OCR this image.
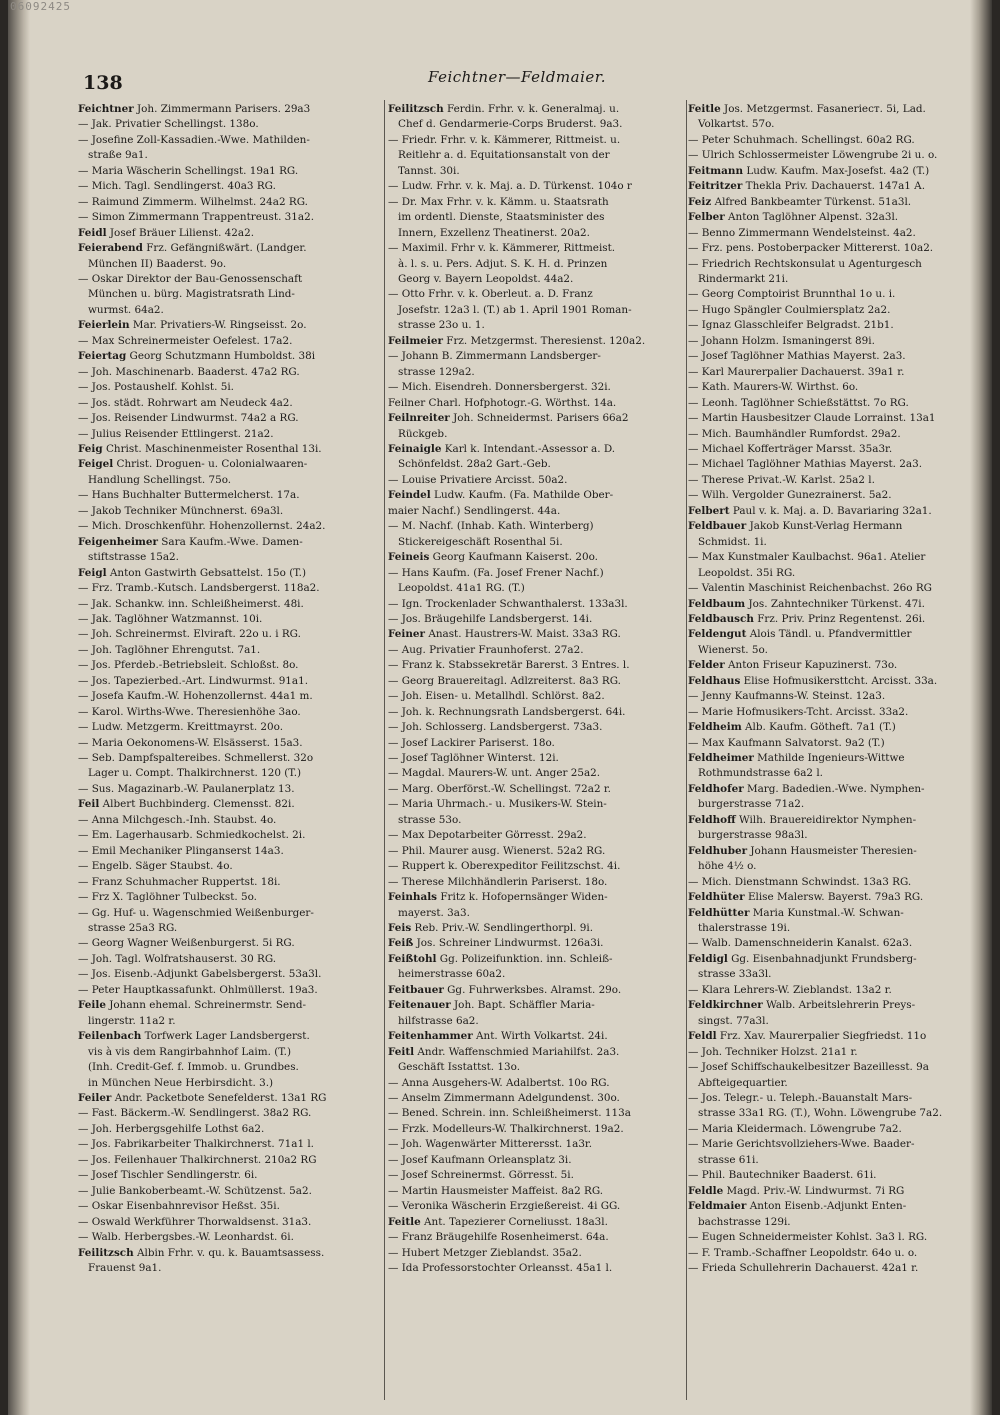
06092425
138	Feichtner—Feldmaier.
Feichtner Joh. Zimmermann Parisers. 29a3
— Jak. Privatier Schellingst. 138o.
— Josefine Zoll-Kassadien.-Wwe. Mathilden-
straße 9a1.
— Maria Wäscherin Schellingst. 19a1 RG.
— Mich. Tagl. Sendlingerst. 40a3 RG.
— Raimund Zimmerm. Wilhelmst. 24a2 RG.
— Simon Zimmermann Trappentreust. 31a2.
Feidl Josef Bräuer Lilienst. 42a2.
Feierabend Frz. Gefängnißwärt. (Landger.
München II) Baaderst. 9o.
— Oskar Direktor der Bau-Genossenschaft
München u. bürg. Magistratsrath Lind-
wurmst. 64a2.
Feierlein Mar. Privatiers-W. Ringseisst. 2o.
— Max Schreinermeister Oefelest. 17a2.
Feiertag Georg Schutzmann Humboldst. 38i
— Joh. Maschinenarb. Baaderst. 47a2 RG.
— Jos. Postaushelf. Kohlst. 5i.
— Jos. städt. Rohrwart am Neudeck 4a2.
— Jos. Reisender Lindwurmst. 74a2 a RG.
— Julius Reisender Ettlingerst. 21a2.
Feig Christ. Maschinenmeister Rosenthal 13i.
Feigel Christ. Droguen- u. Colonialwaaren-
Handlung Schellingst. 75o.
— Hans Buchhalter Buttermelcherst. 17a.
— Jakob Techniker Münchnerst. 69a3l.
— Mich. Droschkenführ. Hohenzollernst. 24a2.
Feigenheimer Sara Kaufm.-Wwe. Damen-
stiftstrasse 15a2.
Feigl Anton Gastwirth Gebsattelst. 15o (T.)
— Frz. Tramb.-Kutsch. Landsbergerst. 118a2.
— Jak. Schankw. inn. Schleißheimerst. 48i.
— Jak. Taglöhner Watzmannst. 10i.
— Joh. Schreinermst. Elviraft. 22o u. i RG.
— Joh. Taglöhner Ehrengutst. 7a1.
— Jos. Pferdeb.-Betriebsleit. Schloßst. 8o.
— Jos. Tapezierbed.-Art. Lindwurmst. 91a1.
— Josefa Kaufm.-W. Hohenzollernst. 44a1 m.
— Karol. Wirths-Wwe. Theresienhöhe 3ao.
— Ludw. Metzgerm. Kreittmayrst. 20o.
— Maria Oekonomens-W. Elsässerst. 15a3.
— Seb. Dampfspaltereibes. Schmellerst. 32o
Lager u. Compt. Thalkirchnerst. 120 (T.)
— Sus. Magazinarb.-W. Paulanerplatz 13.
Feil Albert Buchbinderg. Clemensst. 82i.
— Anna Milchgesch.-Inh. Staubst. 4o.
— Em. Lagerhausarb. Schmiedkochelst. 2i.
— Emil Mechaniker Plinganserst 14a3.
— Engelb. Säger Staubst. 4o.
— Franz Schuhmacher Ruppertst. 18i.
— Frz X. Taglöhner Tulbeckst. 5o.
— Gg. Huf- u. Wagenschmied Weißenburger-
strasse 25a3 RG.
— Georg Wagner Weißenburgerst. 5i RG.
— Joh. Tagl. Wolfratshauserst. 30 RG.
— Jos. Eisenb.-Adjunkt Gabelsbergerst. 53a3l.
— Peter Hauptkassafunkt. Ohlmüllerst. 19a3.
Feile Johann ehemal. Schreinermstr. Send-
lingerstr. 11a2 r.
Feilenbach Torfwerk Lager Landsbergerst.
vis à vis dem Rangirbahnhof Laim. (T.)
(Inh. Credit-Gef. f. Immob. u. Grundbes.
in München Neue Herbirsdicht. 3.)
Feiler Andr. Packetbote Senefelderst. 13a1 RG
— Fast. Bäckerm.-W. Sendlingerst. 38a2 RG.
— Joh. Herbergsgehilfe Lothst 6a2.
— Jos. Fabrikarbeiter Thalkirchnerst. 71a1 l.
— Jos. Feilenhauer Thalkirchnerst. 210a2 RG
— Josef Tischler Sendlingerstr. 6i.
— Julie Bankoberbeamt.-W. Schützenst. 5a2.
— Oskar Eisenbahnrevisor Heßst. 35i.
— Oswald Werkführer Thorwaldsenst. 31a3.
— Walb. Herbergsbes.-W. Leonhardst. 6i.
Feilitzsch Albin Frhr. v. qu. k. Bauamtsassess.
Frauenst 9a1.
Feilitzsch Ferdin. Frhr. v. k. Generalmaj. u.
Chef d. Gendarmerie-Corps Bruderst. 9a3.
— Friedr. Frhr. v. k. Kämmerer, Rittmeist. u.
Reitlehr a. d. Equitationsanstalt von der
Tannst. 30i.
— Ludw. Frhr. v. k. Maj. a. D. Türkenst. 104o r
— Dr. Max Frhr. v. k. Kämm. u. Staatsrath
im ordentl. Dienste, Staatsminister des
Innern, Exzellenz Theatinerst. 20a2.
— Maximil. Frhr v. k. Kämmerer, Rittmeist.
à. l. s. u. Pers. Adjut. S. K. H. d. Prinzen
Georg v. Bayern Leopoldst. 44a2.
— Otto Frhr. v. k. Oberleut. a. D. Franz
Josefstr. 12a3 l. (T.) ab 1. April 1901 Roman-
strasse 23o u. 1.
Feilmeier Frz. Metzgermst. Theresienst. 120a2.
— Johann B. Zimmermann Landsberger-
strasse 129a2.
— Mich. Eisendreh. Donnersbergerst. 32i.
Feilner Charl. Hofphotogr.-G. Wörthst. 14a.
Feilnreiter Joh. Schneidermst. Parisers 66a2
Rückgeb.
Feinaigle Karl k. Intendant.-Assessor a. D.
Schönfeldst. 28a2 Gart.-Geb.
— Louise Privatiere Arcisst. 50a2.
Feindel Ludw. Kaufm. (Fa. Mathilde Ober-
maier Nachf.) Sendlingerst. 44a.
— M. Nachf. (Inhab. Kath. Winterberg)
Stickereigeschäft Rosenthal 5i.
Feineis Georg Kaufmann Kaiserst. 20o.
— Hans Kaufm. (Fa. Josef Frener Nachf.)
Leopoldst. 41a1 RG. (T.)
— Ign. Trockenlader Schwanthalerst. 133a3l.
— Jos. Bräugehilfe Landsbergerst. 14i.
Feiner Anast. Haustrers-W. Maist. 33a3 RG.
— Aug. Privatier Fraunhoferst. 27a2.
— Franz k. Stabssekretär Barerst. 3 Entres. l.
— Georg Brauereitagl. Adlzreiterst. 8a3 RG.
— Joh. Eisen- u. Metallhdl. Schlörst. 8a2.
— Joh. k. Rechnungsrath Landsbergerst. 64i.
— Joh. Schlosserg. Landsbergerst. 73a3.
— Josef Lackirer Pariserst. 18o.
— Josef Taglöhner Winterst. 12i.
— Magdal. Maurers-W. unt. Anger 25a2.
— Marg. Oberförst.-W. Schellingst. 72a2 r.
— Maria Uhrmach.- u. Musikers-W. Stein-
strasse 53o.
— Max Depotarbeiter Görresst. 29a2.
— Phil. Maurer ausg. Wienerst. 52a2 RG.
— Ruppert k. Oberexpeditor Feilitzschst. 4i.
— Therese Milchhändlerin Pariserst. 18o.
Feinhals Fritz k. Hofopernsänger Widen-
mayerst. 3a3.
Feis Reb. Priv.-W. Sendlingerthorpl. 9i.
Feiß Jos. Schreiner Lindwurmst. 126a3i.
Feißtohl Gg. Polizeifunktion. inn. Schleiß-
heimerstrasse 60a2.
Feitbauer Gg. Fuhrwerksbes. Alramst. 29o.
Feitenauer Joh. Bapt. Schäffler Maria-
hilfstrasse 6a2.
Feitenhammer Ant. Wirth Volkartst. 24i.
Feitl Andr. Waffenschmied Mariahilfst. 2a3.
Geschäft Isstattst. 13o.
— Anna Ausgehers-W. Adalbertst. 10o RG.
— Anselm Zimmermann Adelgundenst. 30o.
— Bened. Schrein. inn. Schleißheimerst. 113a
— Frzk. Modelleurs-W. Thalkirchnerst. 19a2.
— Joh. Wagenwärter Mitterersst. 1a3r.
— Josef Kaufmann Orleansplatz 3i.
— Josef Schreinermst. Görresst. 5i.
— Martin Hausmeister Maffeist. 8a2 RG.
— Veronika Wäscherin Erzgießereist. 4i GG.
Feitle Ant. Tapezierer Corneliusst. 18a3l.
— Franz Bräugehilfe Rosenheimerst. 64a.
— Hubert Metzger Zieblandst. 35a2.
— Ida Professorstochter Orleansst. 45a1 l.
Feitle Jos. Metzgermst. Fasanerieст. 5i, Lad.
Volkartst. 57o.
— Peter Schuhmach. Schellingst. 60a2 RG.
— Ulrich Schlossermeister Löwengrube 2i u. o.
Feitmann Ludw. Kaufm. Max-Josefst. 4a2 (T.)
Feitritzer Thekla Priv. Dachauerst. 147a1 A.
Feiz Alfred Bankbeamter Türkenst. 51a3l.
Felber Anton Taglöhner Alpenst. 32a3l.
— Benno Zimmermann Wendelsteinst. 4a2.
— Frz. pens. Postoberpacker Mittererst. 10a2.
— Friedrich Rechtskonsulat u Agenturgesch
Rindermarkt 21i.
— Georg Comptoirist Brunnthal 1o u. i.
— Hugo Spängler Coulmiersplatz 2a2.
— Ignaz Glasschleifer Belgradst. 21b1.
— Johann Holzm. Ismaningerst 89i.
— Josef Taglöhner Mathias Mayerst. 2a3.
— Karl Maurerpalier Dachauerst. 39a1 r.
— Kath. Maurers-W. Wirthst. 6o.
— Leonh. Taglöhner Schießstättst. 7o RG.
— Martin Hausbesitzer Claude Lorrainst. 13a1
— Mich. Baumhändler Rumfordst. 29a2.
— Michael Kofferträger Marsst. 35a3r.
— Michael Taglöhner Mathias Mayerst. 2a3.
— Therese Privat.-W. Karlst. 25a2 l.
— Wilh. Vergolder Gunezrainerst. 5a2.
Felbert Paul v. k. Maj. a. D. Bavariaring 32a1.
Feldbauer Jakob Kunst-Verlag Hermann
Schmidst. 1i.
— Max Kunstmaler Kaulbachst. 96a1. Atelier
Leopoldst. 35i RG.
— Valentin Maschinist Reichenbachst. 26o RG
Feldbaum Jos. Zahntechniker Türkenst. 47i.
Feldbausch Frz. Priv. Prinz Regentenst. 26i.
Feldengut Alois Tändl. u. Pfandvermittler
Wienerst. 5o.
Felder Anton Friseur Kapuzinerst. 73o.
Feldhaus Elise Hofmusikersttcht. Arcisst. 33a.
— Jenny Kaufmanns-W. Steinst. 12a3.
— Marie Hofmusikers-Tcht. Arcisst. 33a2.
Feldheim Alb. Kaufm. Götheft. 7a1 (T.)
— Max Kaufmann Salvatorst. 9a2 (T.)
Feldheimer Mathilde Ingenieurs-Wittwe
Rothmundstrasse 6a2 l.
Feldhofer Marg. Badedien.-Wwe. Nymphen-
burgerstrasse 71a2.
Feldhoff Wilh. Brauereidirektor Nymphen-
burgerstrasse 98a3l.
Feldhuber Johann Hausmeister Theresien-
höhe 4½ o.
— Mich. Dienstmann Schwindst. 13a3 RG.
Feldhüter Elise Malersw. Bayerst. 79a3 RG.
Feldhütter Maria Kunstmal.-W. Schwan-
thalerstrasse 19i.
— Walb. Damenschneiderin Kanalst. 62a3.
Feldigl Gg. Eisenbahnadjunkt Frundsberg-
strasse 33a3l.
— Klara Lehrers-W. Zieblandst. 13a2 r.
Feldkirchner Walb. Arbeitslehrerin Preys-
singst. 77a3l.
Feldl Frz. Xav. Maurerpalier Siegfriedst. 11o
— Joh. Techniker Holzst. 21a1 r.
— Josef Schiffschaukelbesitzer Bazeillesst. 9a
Abfteigequartier.
— Jos. Telegr.- u. Teleph.-Bauanstalt Mars-
strasse 33a1 RG. (T.), Wohn. Löwengrube 7a2.
— Maria Kleidermach. Löwengrube 7a2.
— Marie Gerichtsvollziehers-Wwe. Baader-
strasse 61i.
— Phil. Bautechniker Baaderst. 61i.
Feldle Magd. Priv.-W. Lindwurmst. 7i RG
Feldmaier Anton Eisenb.-Adjunkt Enten-
bachstrasse 129i.
— Eugen Schneidermeister Kohlst. 3a3 l. RG.
— F. Tramb.-Schaffner Leopoldstr. 64o u. o.
— Frieda Schullehrerin Dachauerst. 42a1 r.
